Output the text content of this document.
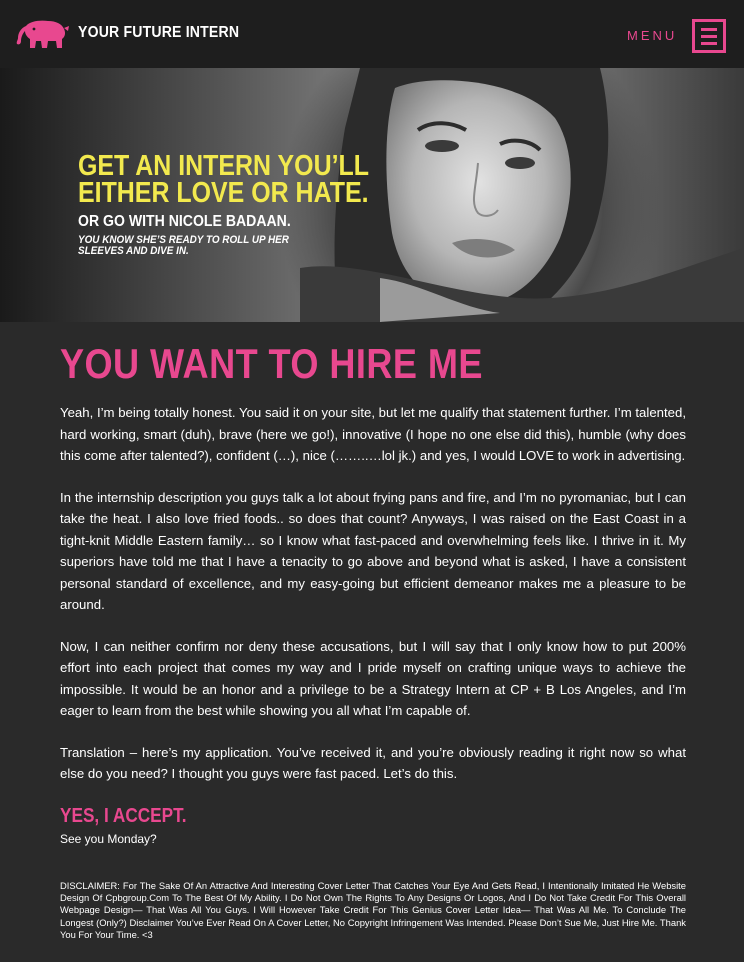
YOUR FUTURE INTERN	MENU
GET AN INTERN YOU’LL
EITHER LOVE OR HATE.
OR GO WITH NICOLE BADAAN.
YOU KNOW SHE’S READY TO ROLL UP HER SLEEVES AND DIVE IN.
YOU WANT TO HIRE ME

Yeah, I’m being totally honest. You said it on your site, but let me qualify that statement further. I’m talented, hard working, smart (duh), brave (here we go!), innovative (I hope no one else did this), humble (why does this come after talented?), confident (…), nice (……..…lol jk.) and yes, I would LOVE to work in advertising.

In the internship description you guys talk a lot about frying pans and fire, and I’m no pyromaniac, but I can take the heat. I also love fried foods.. so does that count? Anyways, I was raised on the East Coast in a tight-knit Middle Eastern family… so I know what fast-paced and overwhelming feels like. I thrive in it. My superiors have told me that I have a tenacity to go above and beyond what is asked, I have a consistent personal standard of excellence, and my easy-going but efficient demeanor makes me a pleasure to be around.

Now, I can neither confirm nor deny these accusations, but I will say that I only know how to put 200% effort into each project that comes my way and I pride myself on crafting unique ways to achieve the impossible. It would be an honor and a privilege to be a Strategy Intern at CP + B Los Angeles, and I’m eager to learn from the best while showing you all what I’m capable of.

Translation – here’s my application. You’ve received it, and you’re obviously reading it right now so what else do you need? I thought you guys were fast paced. Let’s do this.

YES, I ACCEPT.
See you Monday?
DISCLAIMER: For The Sake Of An Attractive And Interesting Cover Letter That Catches Your Eye And Gets Read, I Intentionally Imitated He Website Design Of Cpbgroup.Com To The Best Of My Ability. I Do Not Own The Rights To Any Designs Or Logos, And I Do Not Take Credit For This Overall Webpage Design— That Was All You Guys. I Will However Take Credit For This Genius Cover Letter Idea— That Was All Me. To Conclude The Longest (Only?) Disclaimer You’ve Ever Read On A Cover Letter, No Copyright Infringement Was Intended. Please Don’t Sue Me, Just Hire Me. Thank You For Your Time. <3
